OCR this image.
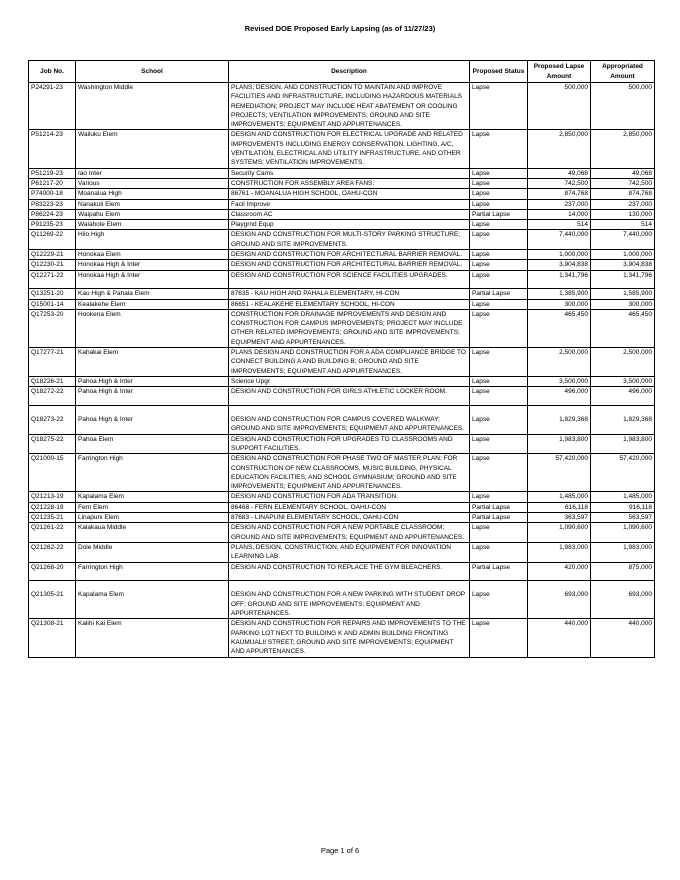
Revised DOE Proposed Early Lapsing (as of 11/27/23)
Job No.	School	Description	Proposed Status	Proposed Lapse Amount	Appropriated Amount
P24291-23	Washington Middle	PLANS, DESIGN, AND CONSTRUCTION TO MAINTAIN AND IMPROVE FACILITIES AND INFRASTRUCTURE, INCLUDING HAZARDOUS MATERIALS REMEDIATION; PROJECT MAY INCLUDE HEAT ABATEMENT OR COOLING PROJECTS; VENTILATION IMPROVEMENTS; GROUND AND SITE IMPROVEMENTS; EQUIPMENT AND APPURTENANCES.	Lapse	500,000	500,000
P51214-23	Wailuku Elem	DESIGN AND CONSTRUCTION FOR ELECTRICAL UPGRADE AND RELATED IMPROVEMENTS INCLUDING ENERGY CONSERVATION, LIGHTING, A/C, VENTILATION, ELECTRICAL AND UTILITY INFRASTRUCTURE, AND OTHER SYSTEMS; VENTILATION IMPROVEMENTS.	Lapse	2,850,000	2,850,000
P51219-23	Iao Inter	Security Cams	Lapse	49,068	49,068
P61217-20	Various	CONSTRUCTION FOR ASSEMBLY AREA FANS.	Lapse	742,500	742,500
P74000-18	Moanalua High	86761 - MOANALUA HIGH SCHOOL, OAHU-CON	Lapse	874,768	874,768
P83223-23	Nanakuli Elem	Facil Improve	Lapse	237,000	237,000
P86224-23	Waipahu Elem	Classroom AC	Partial Lapse	14,000	130,000
P91235-23	Waiahole Elem	Playgrnd Equp	Lapse	514	514
Q11269-22	Hilo High	DESIGN AND CONSTRUCTION FOR MULTI-STORY PARKING STRUCTURE; GROUND AND SITE IMPROVEMENTS.	Lapse	7,440,000	7,440,000
Q12229-21	Honokaa Elem	DESIGN AND CONSTRUCTION FOR ARCHITECTURAL BARRIER REMOVAL.	Lapse	1,000,000	1,000,000
Q12230-21	Honokaa High & Inter	DESIGN AND CONSTRUCTION FOR ARCHITECTURAL BARRIER REMOVAL.	Lapse	3,904,838	3,904,838
Q12271-22	Honokaa High & Inter	DESIGN AND CONSTRUCTION FOR SCIENCE FACILITIES UPGRADES.	Lapse	1,341,796	1,341,796
Q13251-20	Kau High & Pahala Elem	87635 - KAU HIGH AND PAHALA ELEMENTARY, HI-CON	Partial Lapse	1,385,900	1,585,900
Q15001-14	Kealakehe Elem	86651 - KEALAKEHE ELEMENTARY SCHOOL, HI-CON	Lapse	300,000	300,000
Q17253-20	Hookena Elem	CONSTRUCTION FOR DRAINAGE IMPROVEMENTS AND DESIGN AND CONSTRUCTION FOR CAMPUS IMPROVEMENTS; PROJECT MAY INCLUDE OTHER RELATED IMPROVEMENTS; GROUND AND SITE IMPROVEMENTS; EQUIPMENT AND APPURTENANCES.	Lapse	465,450	465,450
Q17277-21	Kahakai Elem	PLANS DESIGN AND CONSTRUCTION FOR A ADA COMPLIANCE BRIDGE TO CONNECT BUILDING A AND BUILDING B; GROUND AND SITE IMPROVEMENTS; EQUIPMENT AND APPURTENANCES.	Lapse	2,500,000	2,500,000
Q18226-21	Pahoa High & Inter	Science Upgr	Lapse	3,500,000	3,500,000
Q18272-22	Pahoa High & Inter	DESIGN AND CONSTRUCTION FOR GIRLS ATHLETIC LOCKER ROOM.	Lapse	496,000	496,000
Q18273-22	Pahoa High & Inter	DESIGN AND CONSTRUCTION FOR CAMPUS COVERED WALKWAY; GROUND AND SITE IMPROVEMENTS; EQUIPMENT AND APPURTENANCES.	Lapse	1,829,368	1,829,368
Q18275-22	Pahoa Elem	DESIGN AND CONSTRUCTION FOR UPGRADES TO CLASSROOMS AND SUPPORT FACILITIES.	Lapse	1,983,800	1,983,800
Q21000-15	Farrington High	DESIGN AND CONSTRUCTION FOR PHASE TWO OF MASTER PLAN; FOR CONSTRUCTION OF NEW CLASSROOMS, MUSIC BUILDING, PHYSICAL EDUCATION FACILITIES, AND SCHOOL GYMNASIUM; GROUND AND SITE IMPROVEMENTS; EQUIPMENT AND APPURTENANCES.	Lapse	57,420,000	57,420,000
Q21213-19	Kapalama Elem	DESIGN AND CONSTRUCTION FOR ADA TRANSITION.	Lapse	1,485,000	1,485,000
Q21228-19	Fern Elem	86468 - FERN ELEMENTARY SCHOOL, OAHU-CON	Partial Lapse	616,118	916,118
Q21235-21	Linapuni Elem	87683 - LINAPUNI ELEMENTARY SCHOOL, OAHU-CON	Partial Lapse	363,597	563,597
Q21261-22	Kalakaua Middle	DESIGN AND CONSTRUCTION FOR A NEW PORTABLE CLASSROOM; GROUND AND SITE IMPROVEMENTS; EQUIPMENT AND APPURTENANCES.	Lapse	1,090,600	1,090,600
Q21262-22	Dole Middle	PLANS, DESIGN, CONSTRUCTION, AND EQUIPMENT FOR INNOVATION LEARNING LAB.	Lapse	1,983,000	1,983,000
Q21268-20	Farrington High	DESIGN AND CONSTRUCTION TO REPLACE THE GYM BLEACHERS.	Partial Lapse	420,000	875,000
Q21305-21	Kapalama Elem	DESIGN AND CONSTRUCTION FOR A NEW PARKING WITH STUDENT DROP OFF; GROUND AND SITE IMPROVEMENTS; EQUIPMENT AND APPURTENANCES.	Lapse	693,000	693,000
Q21308-21	Kalihi Kai Elem	DESIGN AND CONSTRUCTION FOR REPAIRS AND IMPROVEMENTS TO THE PARKING LOT NEXT TO BUILDING K AND ADMIN BUILDING FRONTING KAUMUALII STREET; GROUND AND SITE IMPROVEMENTS; EQUIPMENT AND APPURTENANCES.	Lapse	440,000	440,000
Page 1 of 6
